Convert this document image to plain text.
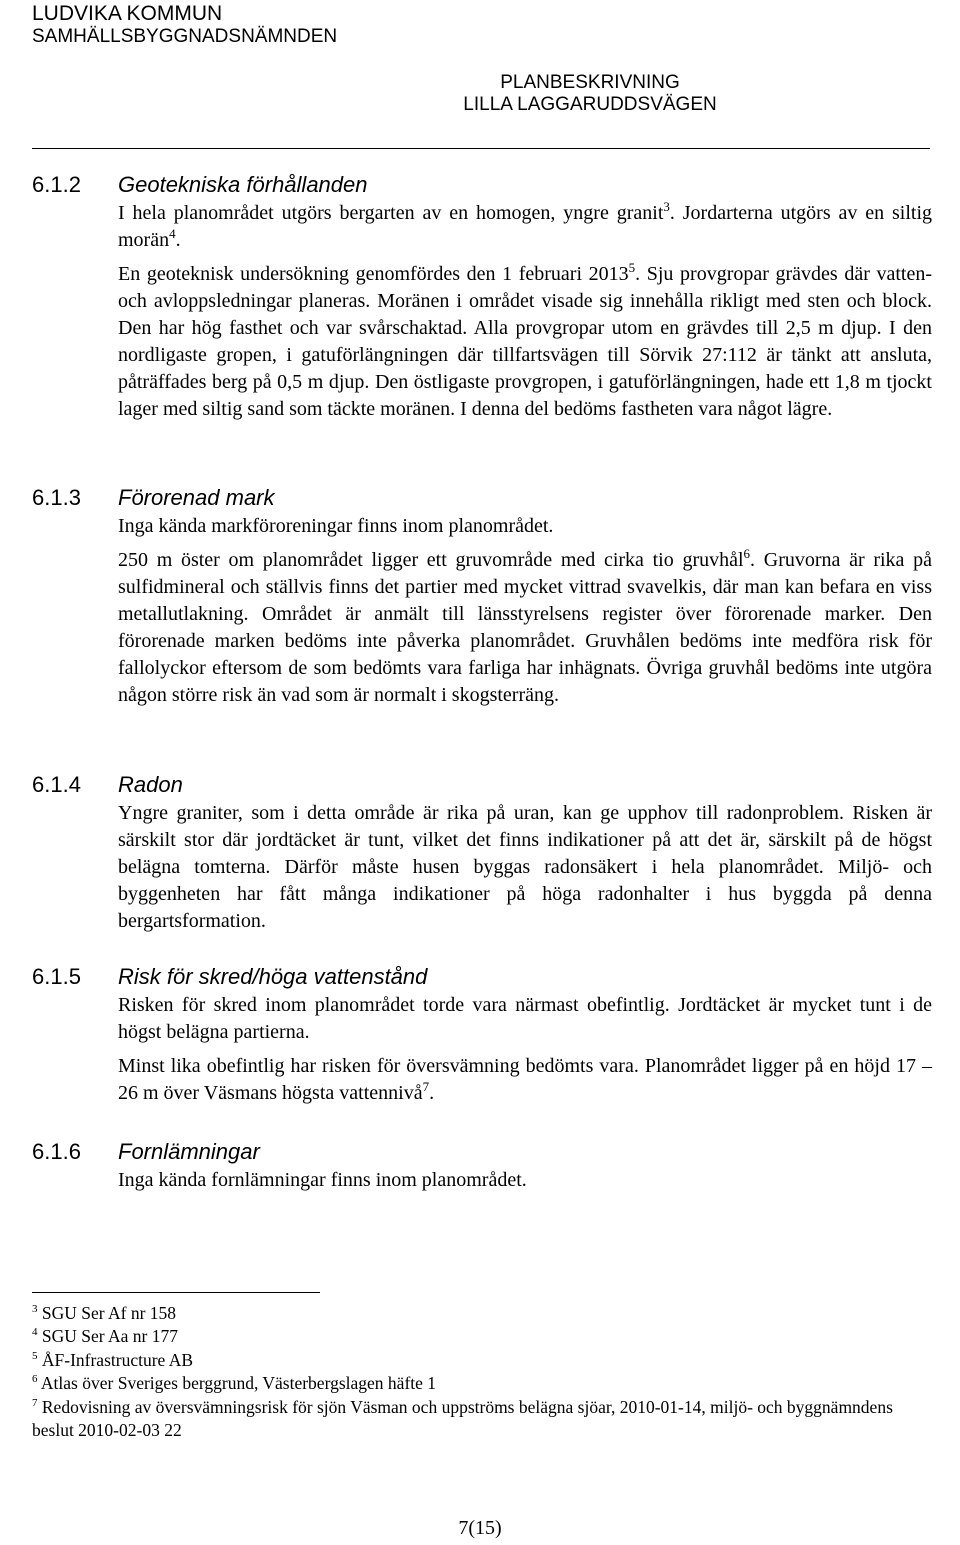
LUDVIKA KOMMUN
SAMHÄLLSBYGGNADSNÄMNDEN
PLANBESKRIVNING
LILLA LAGGARUDDSVÄGEN
6.1.2 Geotekniska förhållanden

I hela planområdet utgörs bergarten av en homogen, yngre granit$^3$. Jordarterna utgörs av en siltig morän$^4$.

En geoteknisk undersökning genomfördes den 1 februari 2013$^5$. Sju provgropar grävdes där vatten- och avloppsledningar planeras. Moränen i området visade sig innehålla rikligt med sten och block. Den har hög fasthet och var svårschaktad. Alla provgropar utom en grävdes till 2,5 m djup. I den nordligaste gropen, i gatuförlängningen där tillfartsvägen till Sörvik 27:112 är tänkt att ansluta, påträffades berg på 0,5 m djup. Den östligaste provgropen, i gatuförlängningen, hade ett 1,8 m tjockt lager med siltig sand som täckte moränen. I denna del bedöms fastheten vara något lägre.

6.1.3 Förorenad mark

Inga kända markföroreningar finns inom planområdet.

250 m öster om planområdet ligger ett gruvområde med cirka tio gruvhål$^6$. Gruvorna är rika på sulfidmineral och ställvis finns det partier med mycket vittrad svavelkis, där man kan befara en viss metallutlakning. Området är anmält till länsstyrelsens register över förorenade marker. Den förorenade marken bedöms inte påverka planområdet. Gruvhålen bedöms inte medföra risk för fallolyckor eftersom de som bedömts vara farliga har inhägnats. Övriga gruvhål bedöms inte utgöra någon större risk än vad som är normalt i skogsterräng.

6.1.4 Radon

Yngre graniter, som i detta område är rika på uran, kan ge upphov till radonproblem. Risken är särskilt stor där jordtäcket är tunt, vilket det finns indikationer på att det är, särskilt på de högst belägna tomterna. Därför måste husen byggas radonsäkert i hela planområdet. Miljö- och byggenheten har fått många indikationer på höga radonhalter i hus byggda på denna bergartsformation.

6.1.5 Risk för skred/höga vattenstånd

Risken för skred inom planområdet torde vara närmast obefintlig. Jordtäcket är mycket tunt i de högst belägna partierna.

Minst lika obefintlig har risken för översvämning bedömts vara. Planområdet ligger på en höjd 17 – 26 m över Väsmans högsta vattennivå$^7$.

6.1.6 Fornlämningar

Inga kända fornlämningar finns inom planområdet.

$^3$ SGU Ser Af nr 158

$^4$ SGU Ser Aa nr 177

$^5$ ÅF-Infrastructure AB

$^6$ Atlas över Sveriges berggrund, Västerbergslagen häfte 1

$^7$ Redovisning av översvämningsrisk för sjön Väsman och uppströms belägna sjöar, 2010-01-14, miljö- och byggnämndens beslut 2010-02-03 22

7(15)
